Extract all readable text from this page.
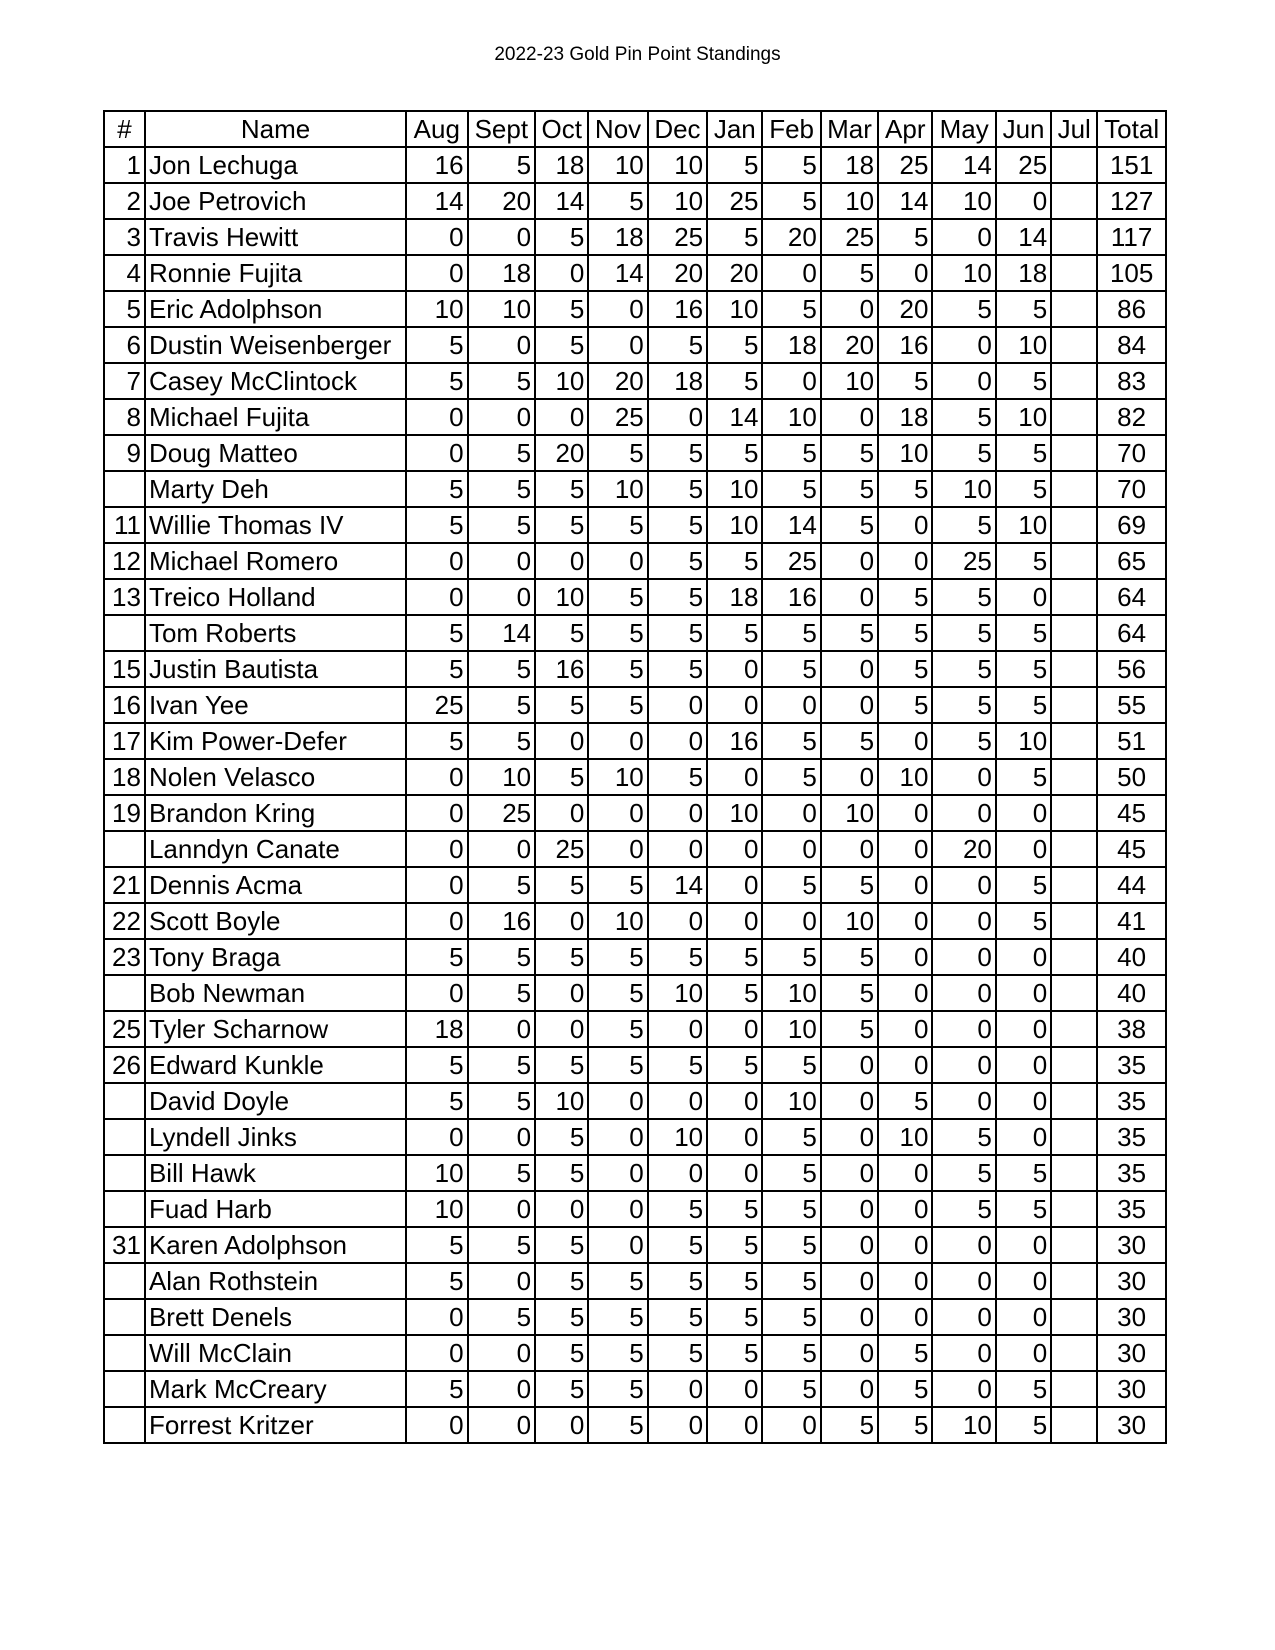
2022-23 Gold Pin Point Standings
#	Name	Aug	Sept	Oct	Nov	Dec	Jan	Feb	Mar	Apr	May	Jun	Jul	Total
1	Jon Lechuga	16	5	18	10	10	5	5	18	25	14	25		151
2	Joe Petrovich	14	20	14	5	10	25	5	10	14	10	0		127
3	Travis Hewitt	0	0	5	18	25	5	20	25	5	0	14		117
4	Ronnie Fujita	0	18	0	14	20	20	0	5	0	10	18		105
5	Eric Adolphson	10	10	5	0	16	10	5	0	20	5	5		86
6	Dustin Weisenberger	5	0	5	0	5	5	18	20	16	0	10		84
7	Casey McClintock	5	5	10	20	18	5	0	10	5	0	5		83
8	Michael Fujita	0	0	0	25	0	14	10	0	18	5	10		82
9	Doug Matteo	0	5	20	5	5	5	5	5	10	5	5		70
	Marty Deh	5	5	5	10	5	10	5	5	5	10	5		70
11	Willie Thomas IV	5	5	5	5	5	10	14	5	0	5	10		69
12	Michael Romero	0	0	0	0	5	5	25	0	0	25	5		65
13	Treico Holland	0	0	10	5	5	18	16	0	5	5	0		64
	Tom Roberts	5	14	5	5	5	5	5	5	5	5	5		64
15	Justin Bautista	5	5	16	5	5	0	5	0	5	5	5		56
16	Ivan Yee	25	5	5	5	0	0	0	0	5	5	5		55
17	Kim Power-Defer	5	5	0	0	0	16	5	5	0	5	10		51
18	Nolen Velasco	0	10	5	10	5	0	5	0	10	0	5		50
19	Brandon Kring	0	25	0	0	0	10	0	10	0	0	0		45
	Lanndyn Canate	0	0	25	0	0	0	0	0	0	20	0		45
21	Dennis Acma	0	5	5	5	14	0	5	5	0	0	5		44
22	Scott Boyle	0	16	0	10	0	0	0	10	0	0	5		41
23	Tony Braga	5	5	5	5	5	5	5	5	0	0	0		40
	Bob Newman	0	5	0	5	10	5	10	5	0	0	0		40
25	Tyler Scharnow	18	0	0	5	0	0	10	5	0	0	0		38
26	Edward Kunkle	5	5	5	5	5	5	5	0	0	0	0		35
	David Doyle	5	5	10	0	0	0	10	0	5	0	0		35
	Lyndell Jinks	0	0	5	0	10	0	5	0	10	5	0		35
	Bill Hawk	10	5	5	0	0	0	5	0	0	5	5		35
	Fuad Harb	10	0	0	0	5	5	5	0	0	5	5		35
31	Karen Adolphson	5	5	5	0	5	5	5	0	0	0	0		30
	Alan Rothstein	5	0	5	5	5	5	5	0	0	0	0		30
	Brett Denels	0	5	5	5	5	5	5	0	0	0	0		30
	Will McClain	0	0	5	5	5	5	5	0	5	0	0		30
	Mark McCreary	5	0	5	5	0	0	5	0	5	0	5		30
	Forrest Kritzer	0	0	0	5	0	0	0	5	5	10	5		30
